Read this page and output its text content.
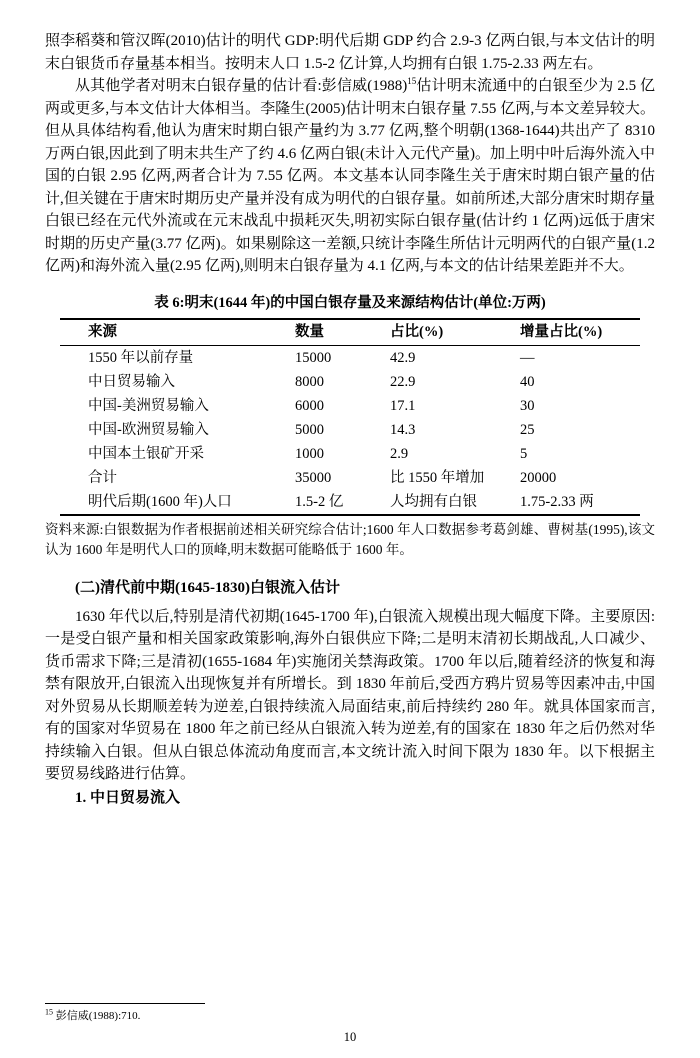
照李稻葵和管汉晖(2010)估计的明代 GDP:明代后期 GDP 约合 2.9-3 亿两白银,与本文估计的明末白银货币存量基本相当。按明末人口 1.5-2 亿计算,人均拥有白银 1.75-2.33 两左右。

从其他学者对明末白银存量的估计看:彭信威(1988)$^{15}$估计明末流通中的白银至少为 2.5 亿两或更多,与本文估计大体相当。李隆生(2005)估计明末白银存量 7.55 亿两,与本文差异较大。但从具体结构看,他认为唐宋时期白银产量约为 3.77 亿两,整个明朝(1368-1644)共出产了 8310 万两白银,因此到了明末共生产了约 4.6 亿两白银(未计入元代产量)。加上明中叶后海外流入中国的白银 2.95 亿两,两者合计为 7.55 亿两。本文基本认同李隆生关于唐宋时期白银产量的估计,但关键在于唐宋时期历史产量并没有成为明代的白银存量。如前所述,大部分唐宋时期存量白银已经在元代外流或在元末战乱中损耗灭失,明初实际白银存量(估计约 1 亿两)远低于唐宋时期的历史产量(3.77 亿两)。如果剔除这一差额,只统计李隆生所估计元明两代的白银产量(1.2 亿两)和海外流入量(2.95 亿两),则明末白银存量为 4.1 亿两,与本文的估计结果差距并不大。

表 6:明末(1644 年)的中国白银存量及来源结构估计(单位:万两)
来源	数量	占比(%)	增量占比(%)
1550 年以前存量	15000	42.9	—
中日贸易输入	8000	22.9	40
中国-美洲贸易输入	6000	17.1	30
中国-欧洲贸易输入	5000	14.3	25
中国本土银矿开采	1000	2.9	5
合计	35000	比 1550 年增加	20000
明代后期(1600 年)人口	1.5-2 亿	人均拥有白银	1.75-2.33 两

资料来源:白银数据为作者根据前述相关研究综合估计;1600 年人口数据参考葛剑雄、曹树基(1995),该文认为 1600 年是明代人口的顶峰,明末数据可能略低于 1600 年。

(二)清代前中期(1645-1830)白银流入估计

1630 年代以后,特别是清代初期(1645-1700 年),白银流入规模出现大幅度下降。主要原因:一是受白银产量和相关国家政策影响,海外白银供应下降;二是明末清初长期战乱,人口减少、货币需求下降;三是清初(1655-1684 年)实施闭关禁海政策。1700 年以后,随着经济的恢复和海禁有限放开,白银流入出现恢复并有所增长。到 1830 年前后,受西方鸦片贸易等因素冲击,中国对外贸易从长期顺差转为逆差,白银持续流入局面结束,前后持续约 280 年。就具体国家而言,有的国家对华贸易在 1800 年之前已经从白银流入转为逆差,有的国家在 1830 年之后仍然对华持续输入白银。但从白银总体流动角度而言,本文统计流入时间下限为 1830 年。以下根据主要贸易线路进行估算。

1. 中日贸易流入

$^{15}$ 彭信威(1988):710.

10
